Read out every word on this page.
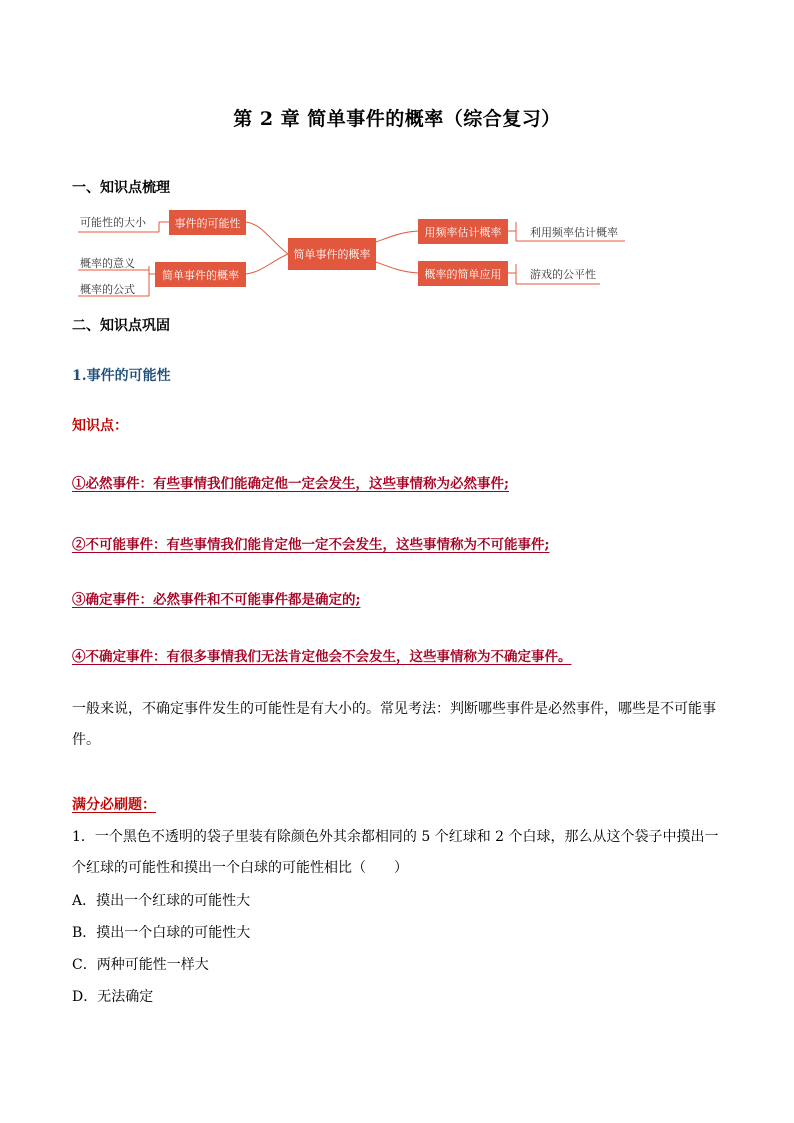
第 2 章 简单事件的概率（综合复习）
一、知识点梳理
事件的可能性
简单事件的概率
简单事件的概率
用频率估计概率
概率的简单应用
可能性的大小
概率的意义
概率的公式
利用频率估计概率
游戏的公平性
二、知识点巩固
1.事件的可能性
知识点：
①必然事件：有些事情我们能确定他一定会发生，这些事情称为必然事件;
②不可能事件：有些事情我们能肯定他一定不会发生，这些事情称为不可能事件;
③确定事件：必然事件和不可能事件都是确定的;
④不确定事件：有很多事情我们无法肯定他会不会发生，这些事情称为不确定事件。
一般来说，不确定事件发生的可能性是有大小的。常见考法：判断哪些事件是必然事件，哪些是不可能事件。
满分必刷题：
1．一个黑色不透明的袋子里装有除颜色外其余都相同的 5 个红球和 2 个白球，那么从这个袋子中摸出一个红球的可能性和摸出一个白球的可能性相比（　　）
A．摸出一个红球的可能性大
B．摸出一个白球的可能性大
C．两种可能性一样大
D．无法确定
